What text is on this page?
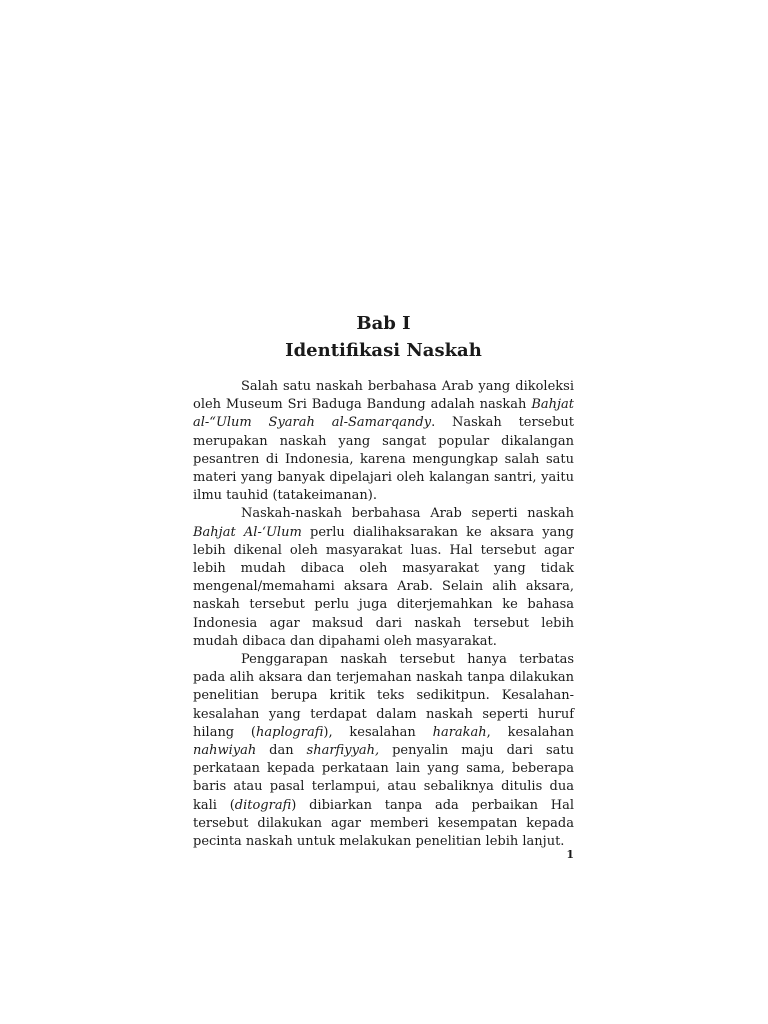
Bab I
Identifikasi Naskah

Salah satu naskah berbahasa Arab yang dikoleksi oleh Museum Sri Baduga Bandung adalah naskah Bahjat al-“Ulum Syarah al-Samarqandy. Naskah tersebut merupakan naskah yang sangat popular dikalangan pesantren di Indonesia, karena mengungkap salah satu materi yang banyak dipelajari oleh kalangan santri, yaitu ilmu tauhid (tatakeimanan).

Naskah-naskah berbahasa Arab seperti naskah Bahjat Al-‘Ulum perlu dialihaksarakan ke aksara yang lebih dikenal oleh masyarakat luas. Hal tersebut agar lebih mudah dibaca oleh masyarakat yang tidak mengenal/memahami aksara Arab. Selain alih aksara, naskah tersebut perlu juga diterjemahkan ke bahasa Indonesia agar maksud dari naskah tersebut lebih mudah dibaca dan dipahami oleh masyarakat.

Penggarapan naskah tersebut hanya terbatas pada alih aksara dan terjemahan naskah tanpa dilakukan penelitian berupa kritik teks sedikitpun. Kesalahan-kesalahan yang terdapat dalam naskah seperti huruf hilang (haplografi), kesalahan harakah, kesalahan nahwiyah dan sharfiyyah, penyalin maju dari satu perkataan kepada perkataan lain yang sama, beberapa baris atau pasal terlampui, atau sebaliknya ditulis dua kali (ditografi) dibiarkan tanpa ada perbaikan Hal tersebut dilakukan agar memberi kesempatan kepada pecinta naskah untuk melakukan penelitian lebih lanjut.

1
